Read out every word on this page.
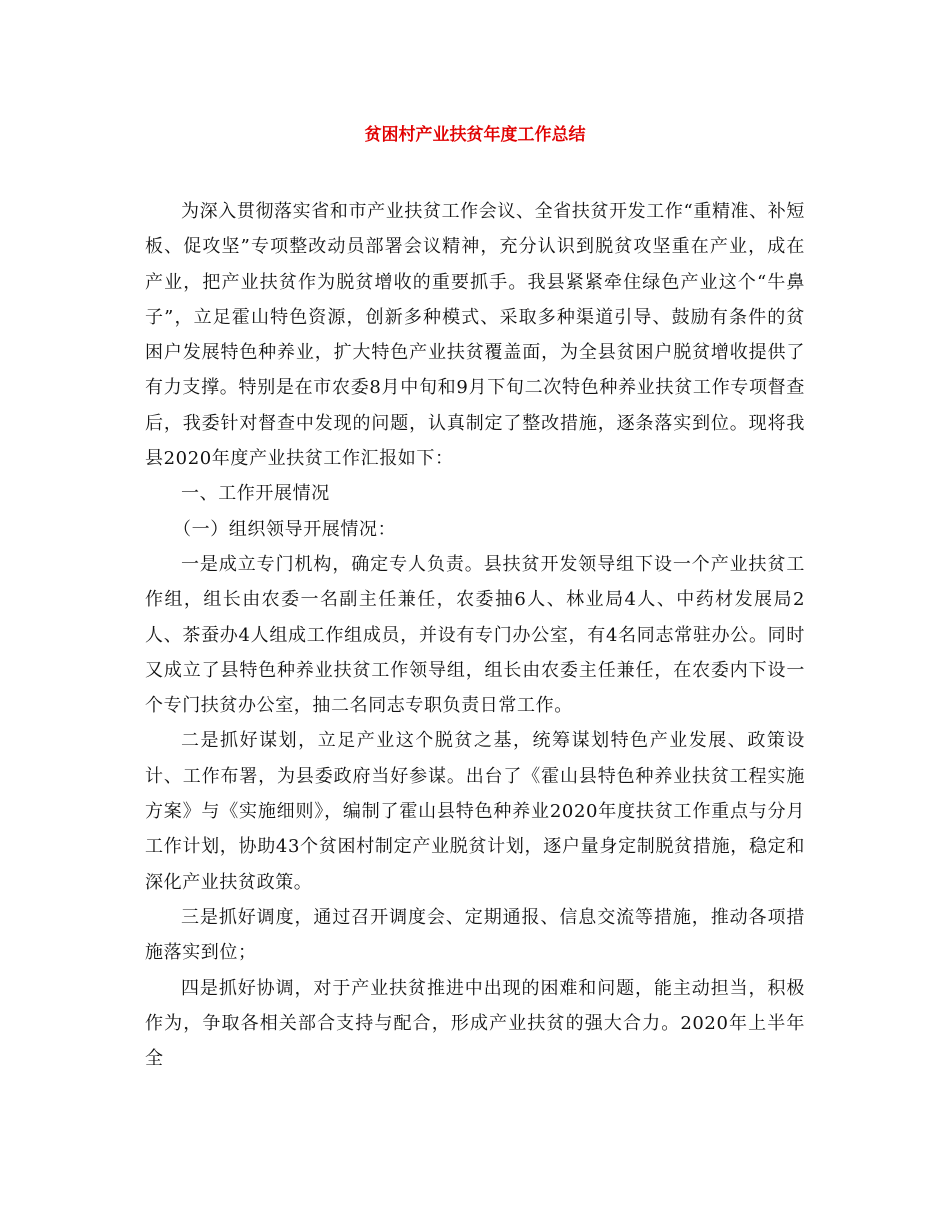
贫困村产业扶贫年度工作总结

为深入贯彻落实省和市产业扶贫工作会议、全省扶贫开发工作“重精准、补短板、促攻坚”专项整改动员部署会议精神，充分认识到脱贫攻坚重在产业，成在产业，把产业扶贫作为脱贫增收的重要抓手。我县紧紧牵住绿色产业这个“牛鼻子”，立足霍山特色资源，创新多种模式、采取多种渠道引导、鼓励有条件的贫困户发展特色种养业，扩大特色产业扶贫覆盖面，为全县贫困户脱贫增收提供了有力支撑。特别是在市农委8月中旬和9月下旬二次特色种养业扶贫工作专项督查后，我委针对督查中发现的问题，认真制定了整改措施，逐条落实到位。现将我县2020年度产业扶贫工作汇报如下：

一、工作开展情况

（一）组织领导开展情况：

一是成立专门机构，确定专人负责。县扶贫开发领导组下设一个产业扶贫工作组，组长由农委一名副主任兼任，农委抽6人、林业局4人、中药材发展局2人、茶蚕办4人组成工作组成员，并设有专门办公室，有4名同志常驻办公。同时又成立了县特色种养业扶贫工作领导组，组长由农委主任兼任，在农委内下设一个专门扶贫办公室，抽二名同志专职负责日常工作。

二是抓好谋划，立足产业这个脱贫之基，统筹谋划特色产业发展、政策设计、工作布署，为县委政府当好参谋。出台了《霍山县特色种养业扶贫工程实施方案》与《实施细则》，编制了霍山县特色种养业2020年度扶贫工作重点与分月工作计划，协助43个贫困村制定产业脱贫计划，逐户量身定制脱贫措施，稳定和深化产业扶贫政策。

三是抓好调度，通过召开调度会、定期通报、信息交流等措施，推动各项措施落实到位；

四是抓好协调，对于产业扶贫推进中出现的困难和问题，能主动担当，积极作为，争取各相关部合支持与配合，形成产业扶贫的强大合力。2020年上半年全
